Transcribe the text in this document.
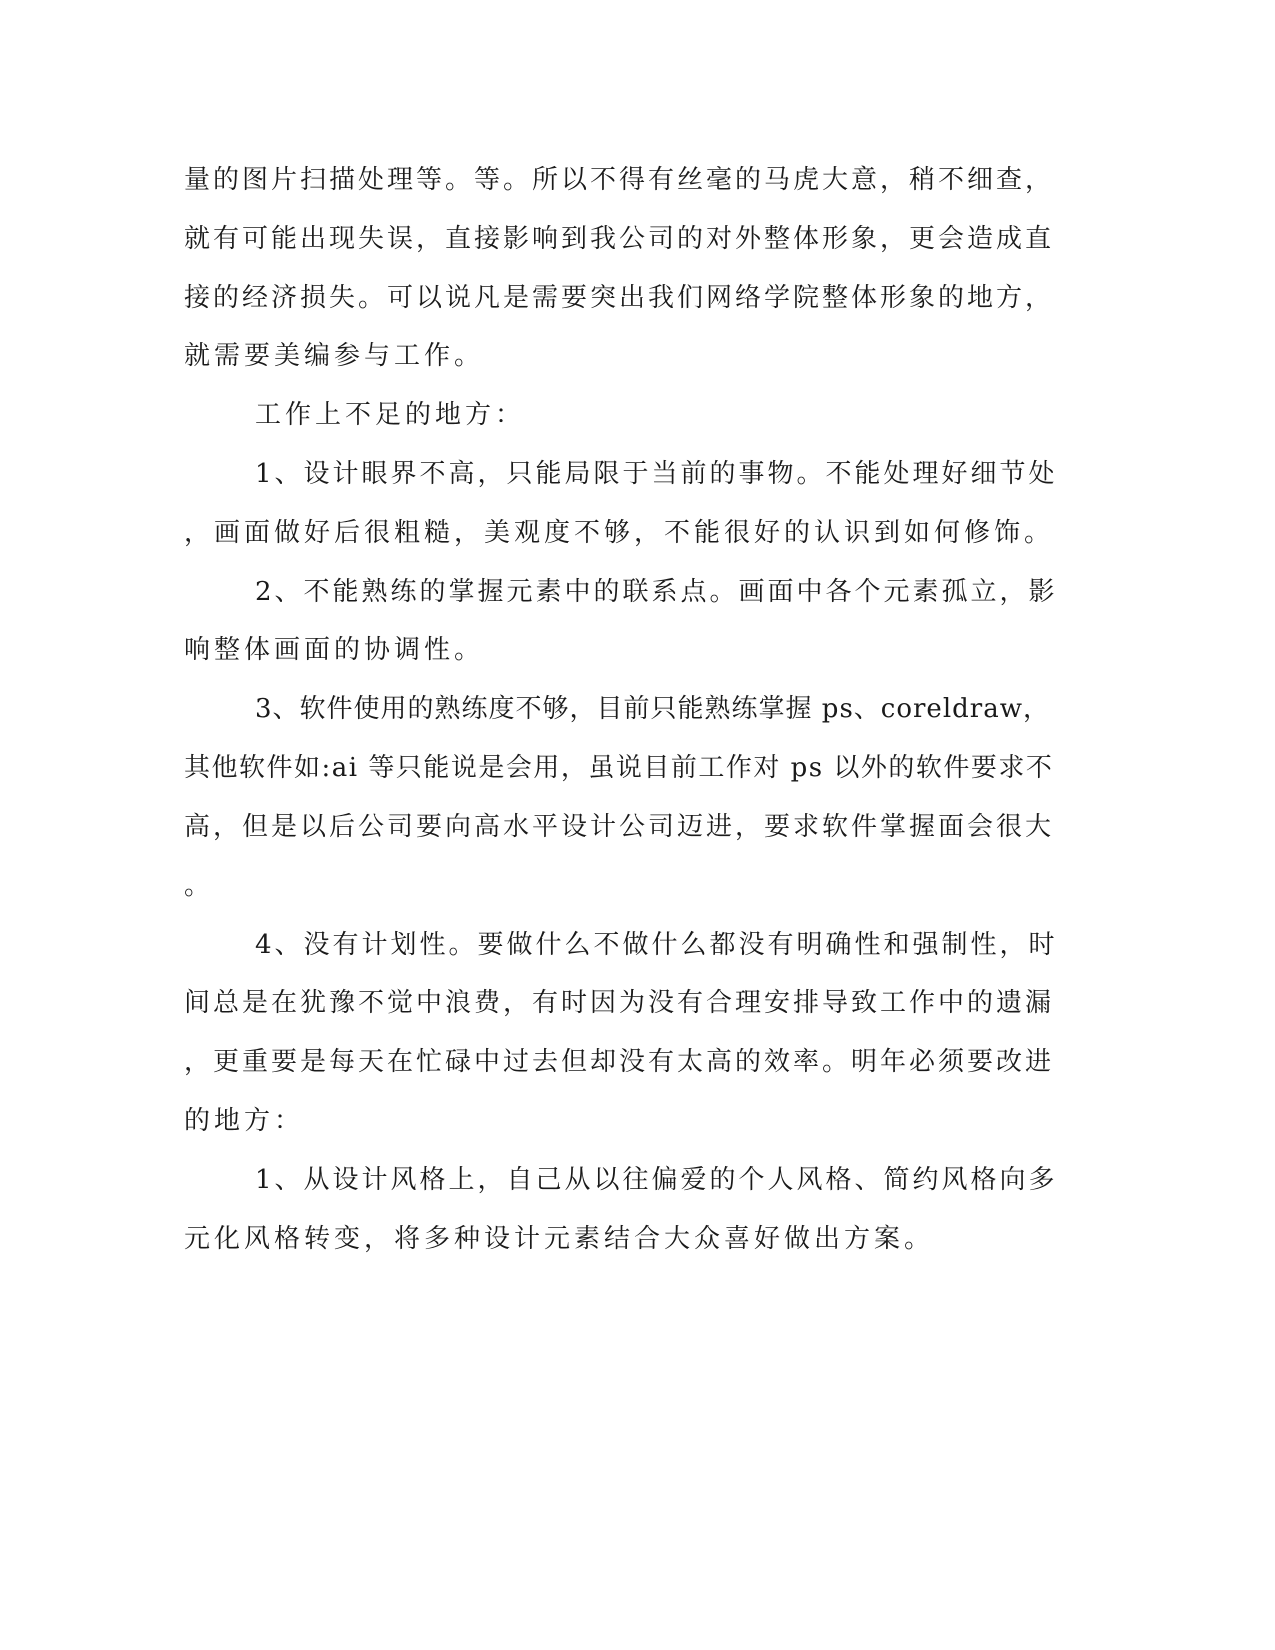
量的图片扫描处理等。等。所以不得有丝毫的马虎大意，稍不细查，
就有可能出现失误，直接影响到我公司的对外整体形象，更会造成直
接的经济损失。可以说凡是需要突出我们网络学院整体形象的地方，
就需要美编参与工作。
工作上不足的地方：
1、设计眼界不高，只能局限于当前的事物。不能处理好细节处
，画面做好后很粗糙，美观度不够，不能很好的认识到如何修饰。
2、不能熟练的掌握元素中的联系点。画面中各个元素孤立，影
响整体画面的协调性。
3、软件使用的熟练度不够，目前只能熟练掌握 ps、coreldraw，
其他软件如:ai 等只能说是会用，虽说目前工作对 ps 以外的软件要求不
高，但是以后公司要向高水平设计公司迈进，要求软件掌握面会很大
。
4、没有计划性。要做什么不做什么都没有明确性和强制性，时
间总是在犹豫不觉中浪费，有时因为没有合理安排导致工作中的遗漏
，更重要是每天在忙碌中过去但却没有太高的效率。明年必须要改进
的地方：
1、从设计风格上，自己从以往偏爱的个人风格、简约风格向多
元化风格转变，将多种设计元素结合大众喜好做出方案。
